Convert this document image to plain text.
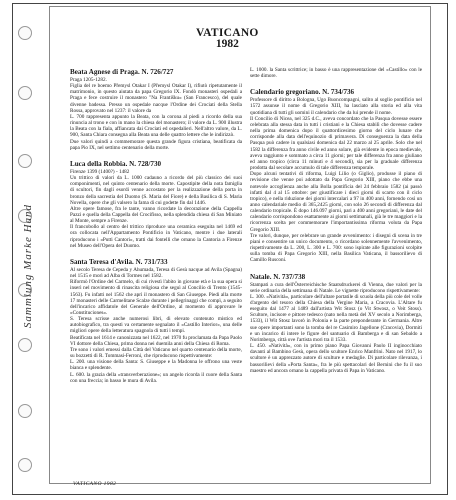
Sammlung Marke Hand
VATICANO
1982
Beata Agnese di Praga. N. 726/727
Praga 1205-1282.

Figlia del re boemo Přemysl Otakar I (Přemysl Otakar I), rifiutò ripetutamente il matrimonio, in questo aiutata da papa Gregorio IX. Fondò monasteri ospedali a Praga e fece costruire il monastero "Na Františku» (San Francesco), del quale divenne badessa. Presso un ospedale nacque l'Ordine dei Crociati della Stella Rossa, approvato nel 1237: il valore da

L. 700 rappresenta appunto la Beata, con la corona al piedi a ricordo della sua rinuncia al trono e con in mano la chiesa del monastero; il valore da L. 900 illustra la Beata con la fiala, affiancata dai Crociati ed ospedalieri. Nell'altro valore, da L. 900, Santa Chiara consegna alla Beata una delle quattro lettere che le indirizzò.

Due valori quindi a commemorare questa grande figura cristiana, beatificata da papa Pio IX, nel settimo centenario della morte.

Luca della Robbia. N. 728/730
Firenze 1399 (1400?) - 1482

Un trittico di valori da L. 1000 cadauno a ricordo del più classico dei suoi componimenti, nel quinto centenario della morte. Capostipite della nota famiglia di scultori, fin dagli esordi venne accostato per la realizzazione della porta in bronzo della sacrestia del Duomo (S. Maria del Fiore) e della Basilica di S. Maria Novella, opere che gli valsero la fama di cui godette fin dal 1446.

Altre opere famose, fra le tante, vanno ricordate la decorazione della Cappella Pazzi e quella della Cappella del Crocifisso, nella splendida chiesa di San Miniato al Monte, sempre a Firenze.

Il francobollo al centro del trittico riproduce una ceramica eseguita nel 1469 ed ora collocata nell'Appartamento Pontificio in Vaticano, mentre i due laterali riproducono i «Putti Cantori», tratti dai fontelli che ornano la Cantoria a Firenze nel Museo dell'Opera del Duomo.

Santa Teresa d'Avila. N. 731/733

Al secolo Teresa de Cepeda y Ahumada, Teresa di Gesù nacque ad Avila (Spagna) nel 1515 e morì ad Alba di Tormes nel 1582.

Riformò l'Ordine del Carmelo, di cui rivestì l'abito in giovane età e la sua opera si inserì nel movimento di rinascita religiosa che seguì al Concilio di Trento (1545-1563). Fu infatti nel 1562 che aprì il monastero di San Giuseppe. Piedi alla morte 17 monasteri delle Carmelitane Scalze durante i pellegrinaggi che compì, a seguito dell'incarico affidatole del Generale dell'Ordine, al momento di approvare le «Constituciones».

S. Teresa scrisse anche numerosi libri, di elevato contenuto mistico ed autobiografico, tra questi va certamente segnalato il «Castillo Interior», una delle migliori opere della letteratura spagnola di tutti i tempi.

Beatificata nel 1614 e canonizzata nel 1622, nel 1970 fu proclamata da Papa Paolo VI dottore della Chiesa, prima donna nei duemila anni della Chiesa di Roma.

Tre sono i valori emessi dalla Città del Vaticano nel quarto centenario della morte, su bozzetti di R. Tommasi-Ferroni, che riproducono rispettivamente:

L. 200. una visione della Santa: S. Giuseppe e la Madonna le offrono una veste bianca e splendente.

L. 600. la grazia della «transverberazione»; un angelo ricorda il cuore della Santa con una freccia; in basso le mura di Avila.

L. 1000. la Santa scrittrice; in basso è una rappresentazione del «Castillo» con le sette dimore.

Calendario gregoriano. N. 734/736

Professore di diritto a Bologna, Ugo Buoncompagni, salito al soglio pontificio nel 1572 assunse il nome di Gregorio XIII, ha lasciato alla storia ed alla vita quotidiana di tutti gli uomini il calendario che da lui prende il nome.

Il Concilio di Nicea, nel 325 d.C., aveva concordato che la Pasqua dovesse essere celebrata alla stessa data in tutti i cristiani e la Chiesa stabilì che dovesse cadere nella prima domenica dopo il quattordicesimo giorno del ciclo lunare che corrisponde alla data dell'equinozio di primavera. Di conseguenza la data della Pasqua può cadere in qualsiasi domenica dal 22 marzo al 25 aprile. Solo che nel 1582 la differenza fra anno civile ed anno solare, già evidente in epoca medievale, aveva raggiunto e sommato a circa 11 giorni; per tale differenza fra anno giuliano ed anno tropico (circa 11 minuti e 4 secondi), sia per la graduale differenza prodotta dal secolare accumulo di tale differenza temporale.

Dopo alcuni tentativi di riforma, Luigi Lilio (o Giglio), produsse il piano di revisione che venne poi adottato da Papa Gregorio XIII, piano che ebbe una notevole accoglienza anche alla Bolla pontificia del 24 febbraio 1582 (ai passò infatti dal 4 al 15 ottobre: per giustificare i dieci giorni di scarto con il ciclo tropico), e nella riduzione dei giorni intercalari a 97 in 400 anni, fornendo così un anno calendariale medio di 365,2425 giorni, con solo 26 secondi di differenza dal calendario tropicale. È dopo 146.097 giorni, pari a 400 anni gregoriani, le date del calendario corrispondono esattamente ai giorni settimanali, già le tre maggiori e la ricorrenza scelta per commemorare l'importantissima riforma voluta da Papa Gregorio XIII.

Tre valori, dunque, per celebrare un grande avvenimento: i disegni di scena in tre piani e consentire un unico documento, o ricordano solennemente l'avvenimento, rispettivamente da L. 200, L. 300 e L. 700: sono ispirate alle figurazioni scolpite sulla tomba di Papa Gregorio XIII, nella Basilica Vaticana, il bassorilievo di Camillo Rusconi.

Natale. N. 737/738

Stampati a cura dell'Österreichische Staatsdruckerei di Vienna, due valori per la serie ordinaria della settimana di Natale. Le vignette riproducono rispettivamente:

L. 300. «Natività», particolare dell'altare portatile di scuola della più cole del volle d'argento del tesoro della Chiesa della Vergine Maria, a Cracovia. L'Altare fu eseguito dal 1477 al 1489 dall'artista Wit Stosz (o Vit Stwosz, o Veit Stoss). Scultore, incisore e pittore tedesco (nato nella metà del XV secolo a Norimberga, 1533), il Wit Stosz lavorò in Polonia e la parte preponderante in Germania. Altre sue opere importanti sono la tomba del re Casimiro Jagellone (Cracovia), Dormiti e un incarico di intere le figure del santuario di Bamberga e di san Sebaldo a Norimberga, città ove l'artista mori tra il 1533.

L. 450. «Natività», con in primo piano Papa Giovanni Paolo II inginocchiato davanti al Bambino Gesù, opera dello scultore Enrico Manfrini. Nato nel 1917, lo scultore è un apprezzato autore di sculture e medaglie. Di particolare rilevanza, i bassorilievi della «Porta Santa», fra le più spettacolari del Bernini che fu il suo maestro ed ancora ornano la cappella privata di Papa in Vaticano.

VATICANO 1982
